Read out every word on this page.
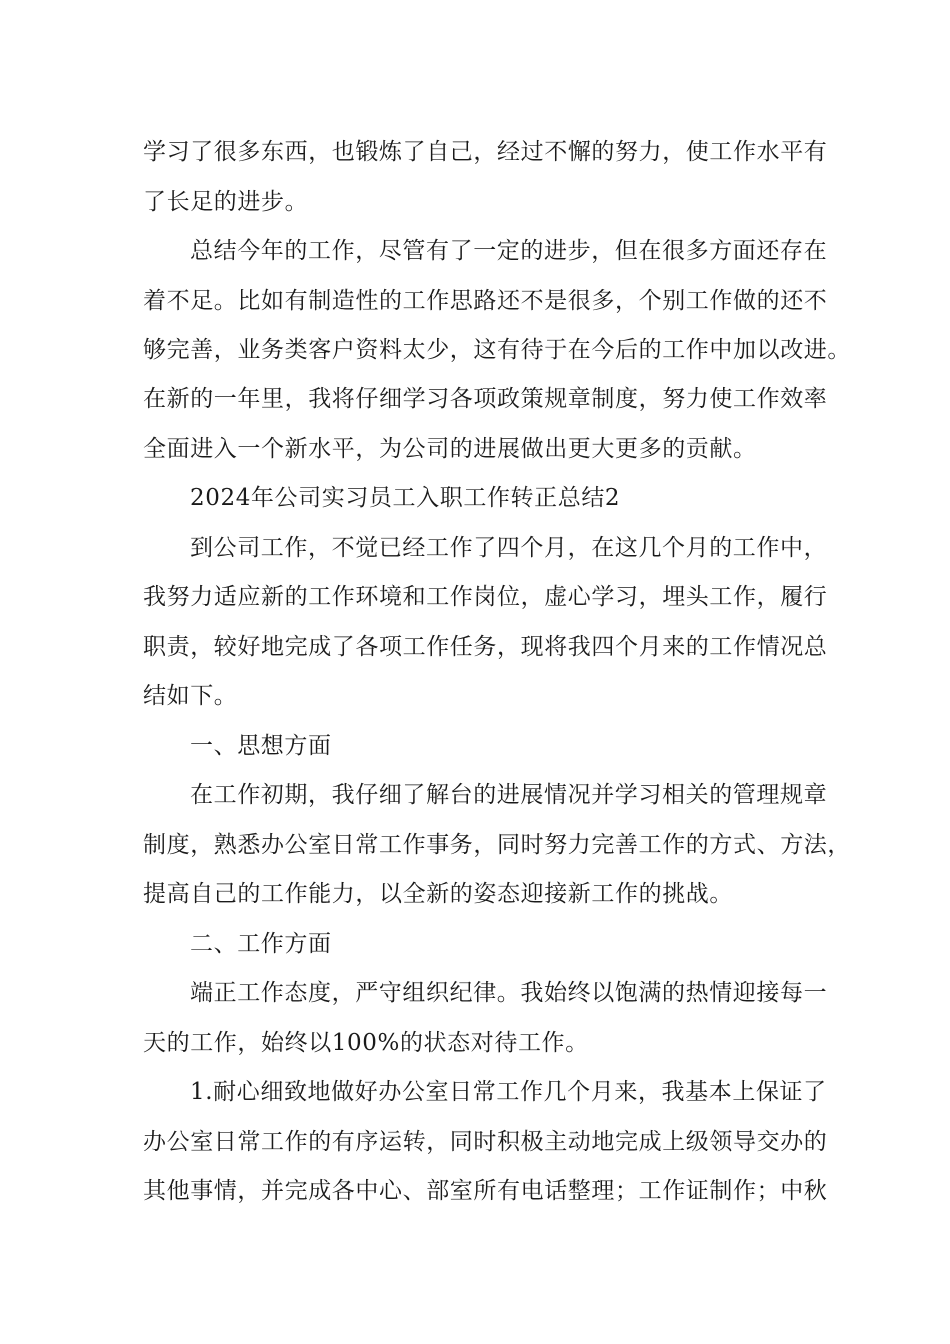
学习了很多东西，也锻炼了自己，经过不懈的努力，使工作水平有

了长足的进步。

总结今年的工作，尽管有了一定的进步，但在很多方面还存在

着不足。比如有制造性的工作思路还不是很多，个别工作做的还不

够完善，业务类客户资料太少，这有待于在今后的工作中加以改进。

在新的一年里，我将仔细学习各项政策规章制度，努力使工作效率

全面进入一个新水平，为公司的进展做出更大更多的贡献。

2024年公司实习员工入职工作转正总结2

到公司工作，不觉已经工作了四个月，在这几个月的工作中，

我努力适应新的工作环境和工作岗位，虚心学习，埋头工作，履行

职责，较好地完成了各项工作任务，现将我四个月来的工作情况总

结如下。

一、思想方面

在工作初期，我仔细了解台的进展情况并学习相关的管理规章

制度，熟悉办公室日常工作事务，同时努力完善工作的方式、方法，

提高自己的工作能力，以全新的姿态迎接新工作的挑战。

二、工作方面

端正工作态度，严守组织纪律。我始终以饱满的热情迎接每一

天的工作，始终以100%的状态对待工作。

1.耐心细致地做好办公室日常工作几个月来，我基本上保证了

办公室日常工作的有序运转，同时积极主动地完成上级领导交办的

其他事情，并完成各中心、部室所有电话整理；工作证制作；中秋
